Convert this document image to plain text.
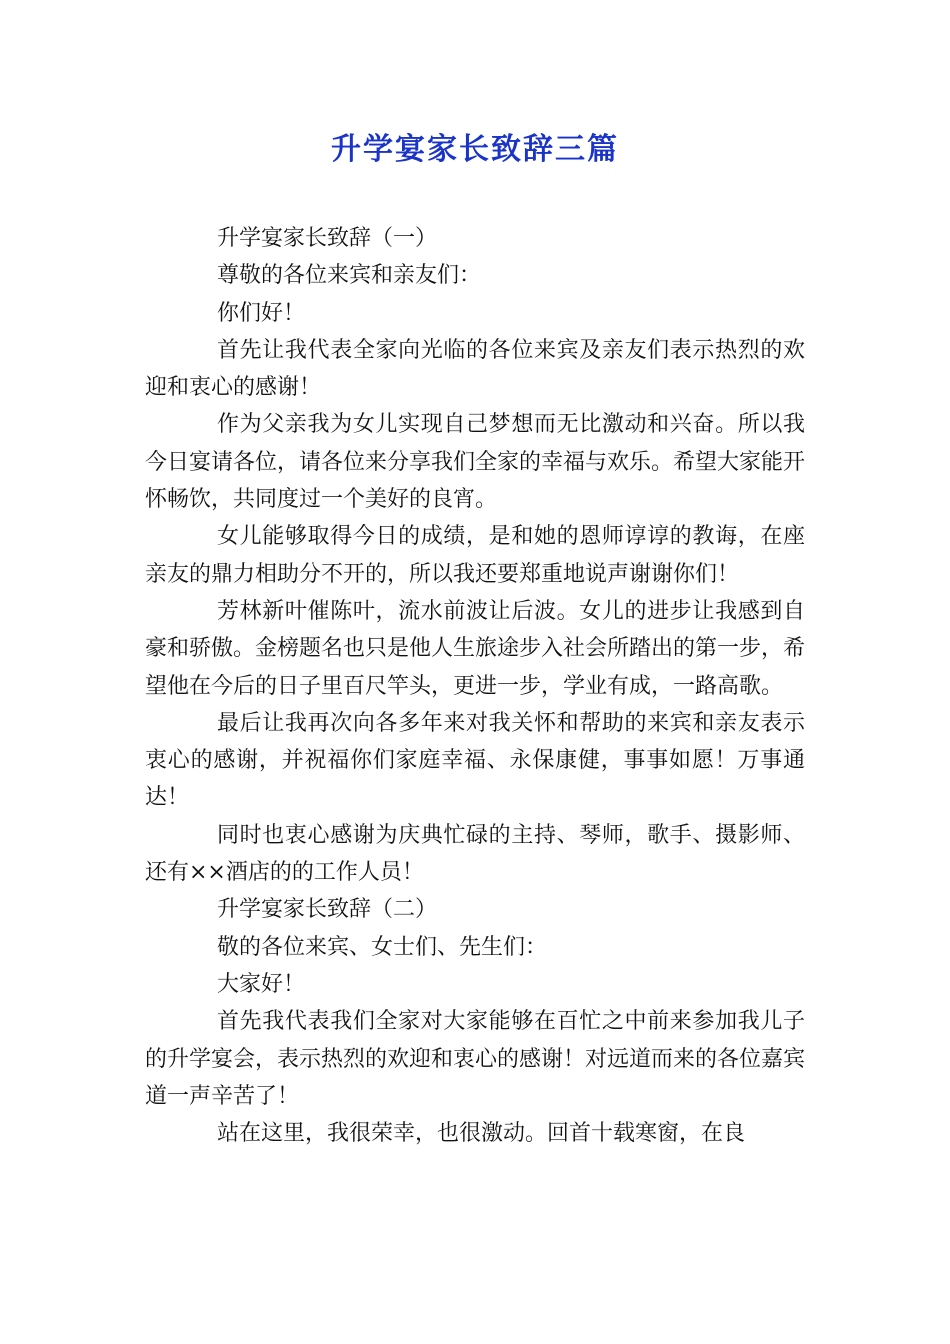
升学宴家长致辞三篇

升学宴家长致辞（一）

尊敬的各位来宾和亲友们：

你们好！

首先让我代表全家向光临的各位来宾及亲友们表示热烈的欢迎和衷心的感谢！

作为父亲我为女儿实现自己梦想而无比激动和兴奋。所以我今日宴请各位，请各位来分享我们全家的幸福与欢乐。希望大家能开怀畅饮，共同度过一个美好的良宵。

女儿能够取得今日的成绩，是和她的恩师谆谆的教诲，在座亲友的鼎力相助分不开的，所以我还要郑重地说声谢谢你们！

芳林新叶催陈叶，流水前波让后波。女儿的进步让我感到自豪和骄傲。金榜题名也只是他人生旅途步入社会所踏出的第一步，希望他在今后的日子里百尺竿头，更进一步，学业有成，一路高歌。

最后让我再次向各多年来对我关怀和帮助的来宾和亲友表示衷心的感谢，并祝福你们家庭幸福、永保康健，事事如愿！万事通达！

同时也衷心感谢为庆典忙碌的主持、琴师，歌手、摄影师、还有××酒店的的工作人员！

升学宴家长致辞（二）

敬的各位来宾、女士们、先生们：

大家好！

首先我代表我们全家对大家能够在百忙之中前来参加我儿子的升学宴会，表示热烈的欢迎和衷心的感谢！对远道而来的各位嘉宾道一声辛苦了！

站在这里，我很荣幸，也很激动。回首十载寒窗，在良
